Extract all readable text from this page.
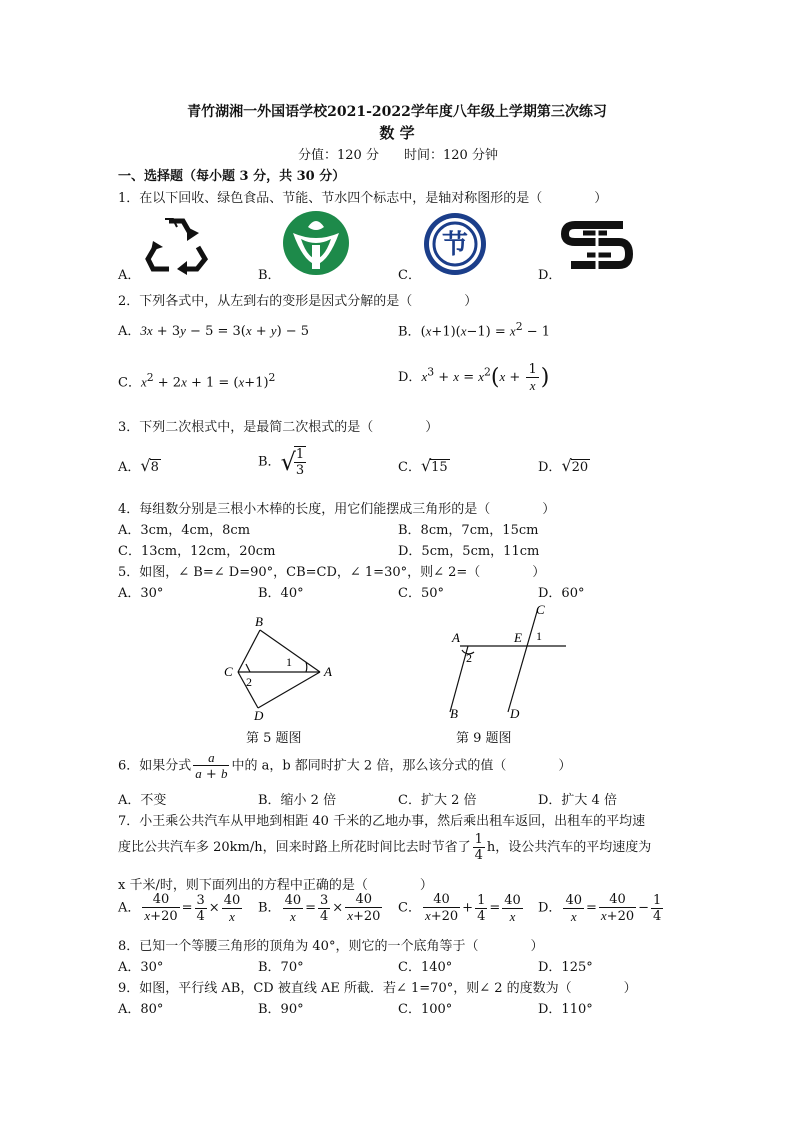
青竹湖湘一外国语学校2021-2022学年度八年级上学期第三次练习
数 学
分值：120 分 时间：120 分钟
一、选择题（每小题 3 分，共 30 分）
1．在以下回收、绿色食品、节能、节水四个标志中，是轴对称图形的是（　　　　）
节
A．	B．	C．	D．
2．下列各式中，从左到右的变形是因式分解的是（　　　　）
A．3x + 3y − 5 = 3(x + y) − 5	B．$(x+1)(x-1) = x^2 - 1$
C．$x^2 + 2x + 1 = (x+1)^2$	D．$x^3 + x = x^2(x + \frac{1}{x}$ )
3．下列二次根式中，是最简二次根式的是（　　　　）
A．√8	B．√
$\frac{1}{3}$	C．√15	D．√20
4．每组数分别是三根小木棒的长度，用它们能摆成三角形的是（　　　　）
A．3cm，4cm，8cm	B．8cm，7cm，15cm
C．13cm，12cm，20cm	D．5cm，5cm，11cm
5．如图，∠ B=∠ D=90°，CB=CD，∠ 1=30°，则∠ 2=（　　　　）
A．30°	B．40°	C．50°	D．60°
B
C	A
D
1
2
第 5 题图
A	E
C
B	D
1
2
第 9 题图
6．如果分式 $\frac{a}{a + b}$ 中的 a，b 都同时扩大 2 倍，那么该分式的值（　　　　）
A．不变	B．缩小 2 倍	C．扩大 2 倍	D．扩大 4 倍
7．小王乘公共汽车从甲地到相距 40 千米的乙地办事，然后乘出租车返回，出租车的平均速
度比公共汽车多 20km/h，回来时路上所花时间比去时节省了 $\frac{1}{4}$ h，设公共汽车的平均速度为
x 千米/时，则下面列出的方程中正确的是（　　　　）
A． $\frac{40}{x+20} = \frac{3}{4} \times \frac{40}{x}$ B． $\frac{40}{x} = \frac{3}{4} \times \frac{40}{x+20}$ C． $\frac{40}{x+20} + \frac{1}{4} = \frac{40}{x}$ D． $\frac{40}{x} = \frac{40}{x+20} - \frac{1}{4}$
8．已知一个等腰三角形的顶角为 40°，则它的一个底角等于（　　　　）
A．30°	B．70°	C．140°	D．125°
9．如图，平行线 AB，CD 被直线 AE 所截．若∠ 1=70°，则∠ 2 的度数为（　　　　）
A．80°	B．90°	C．100°	D．110°
